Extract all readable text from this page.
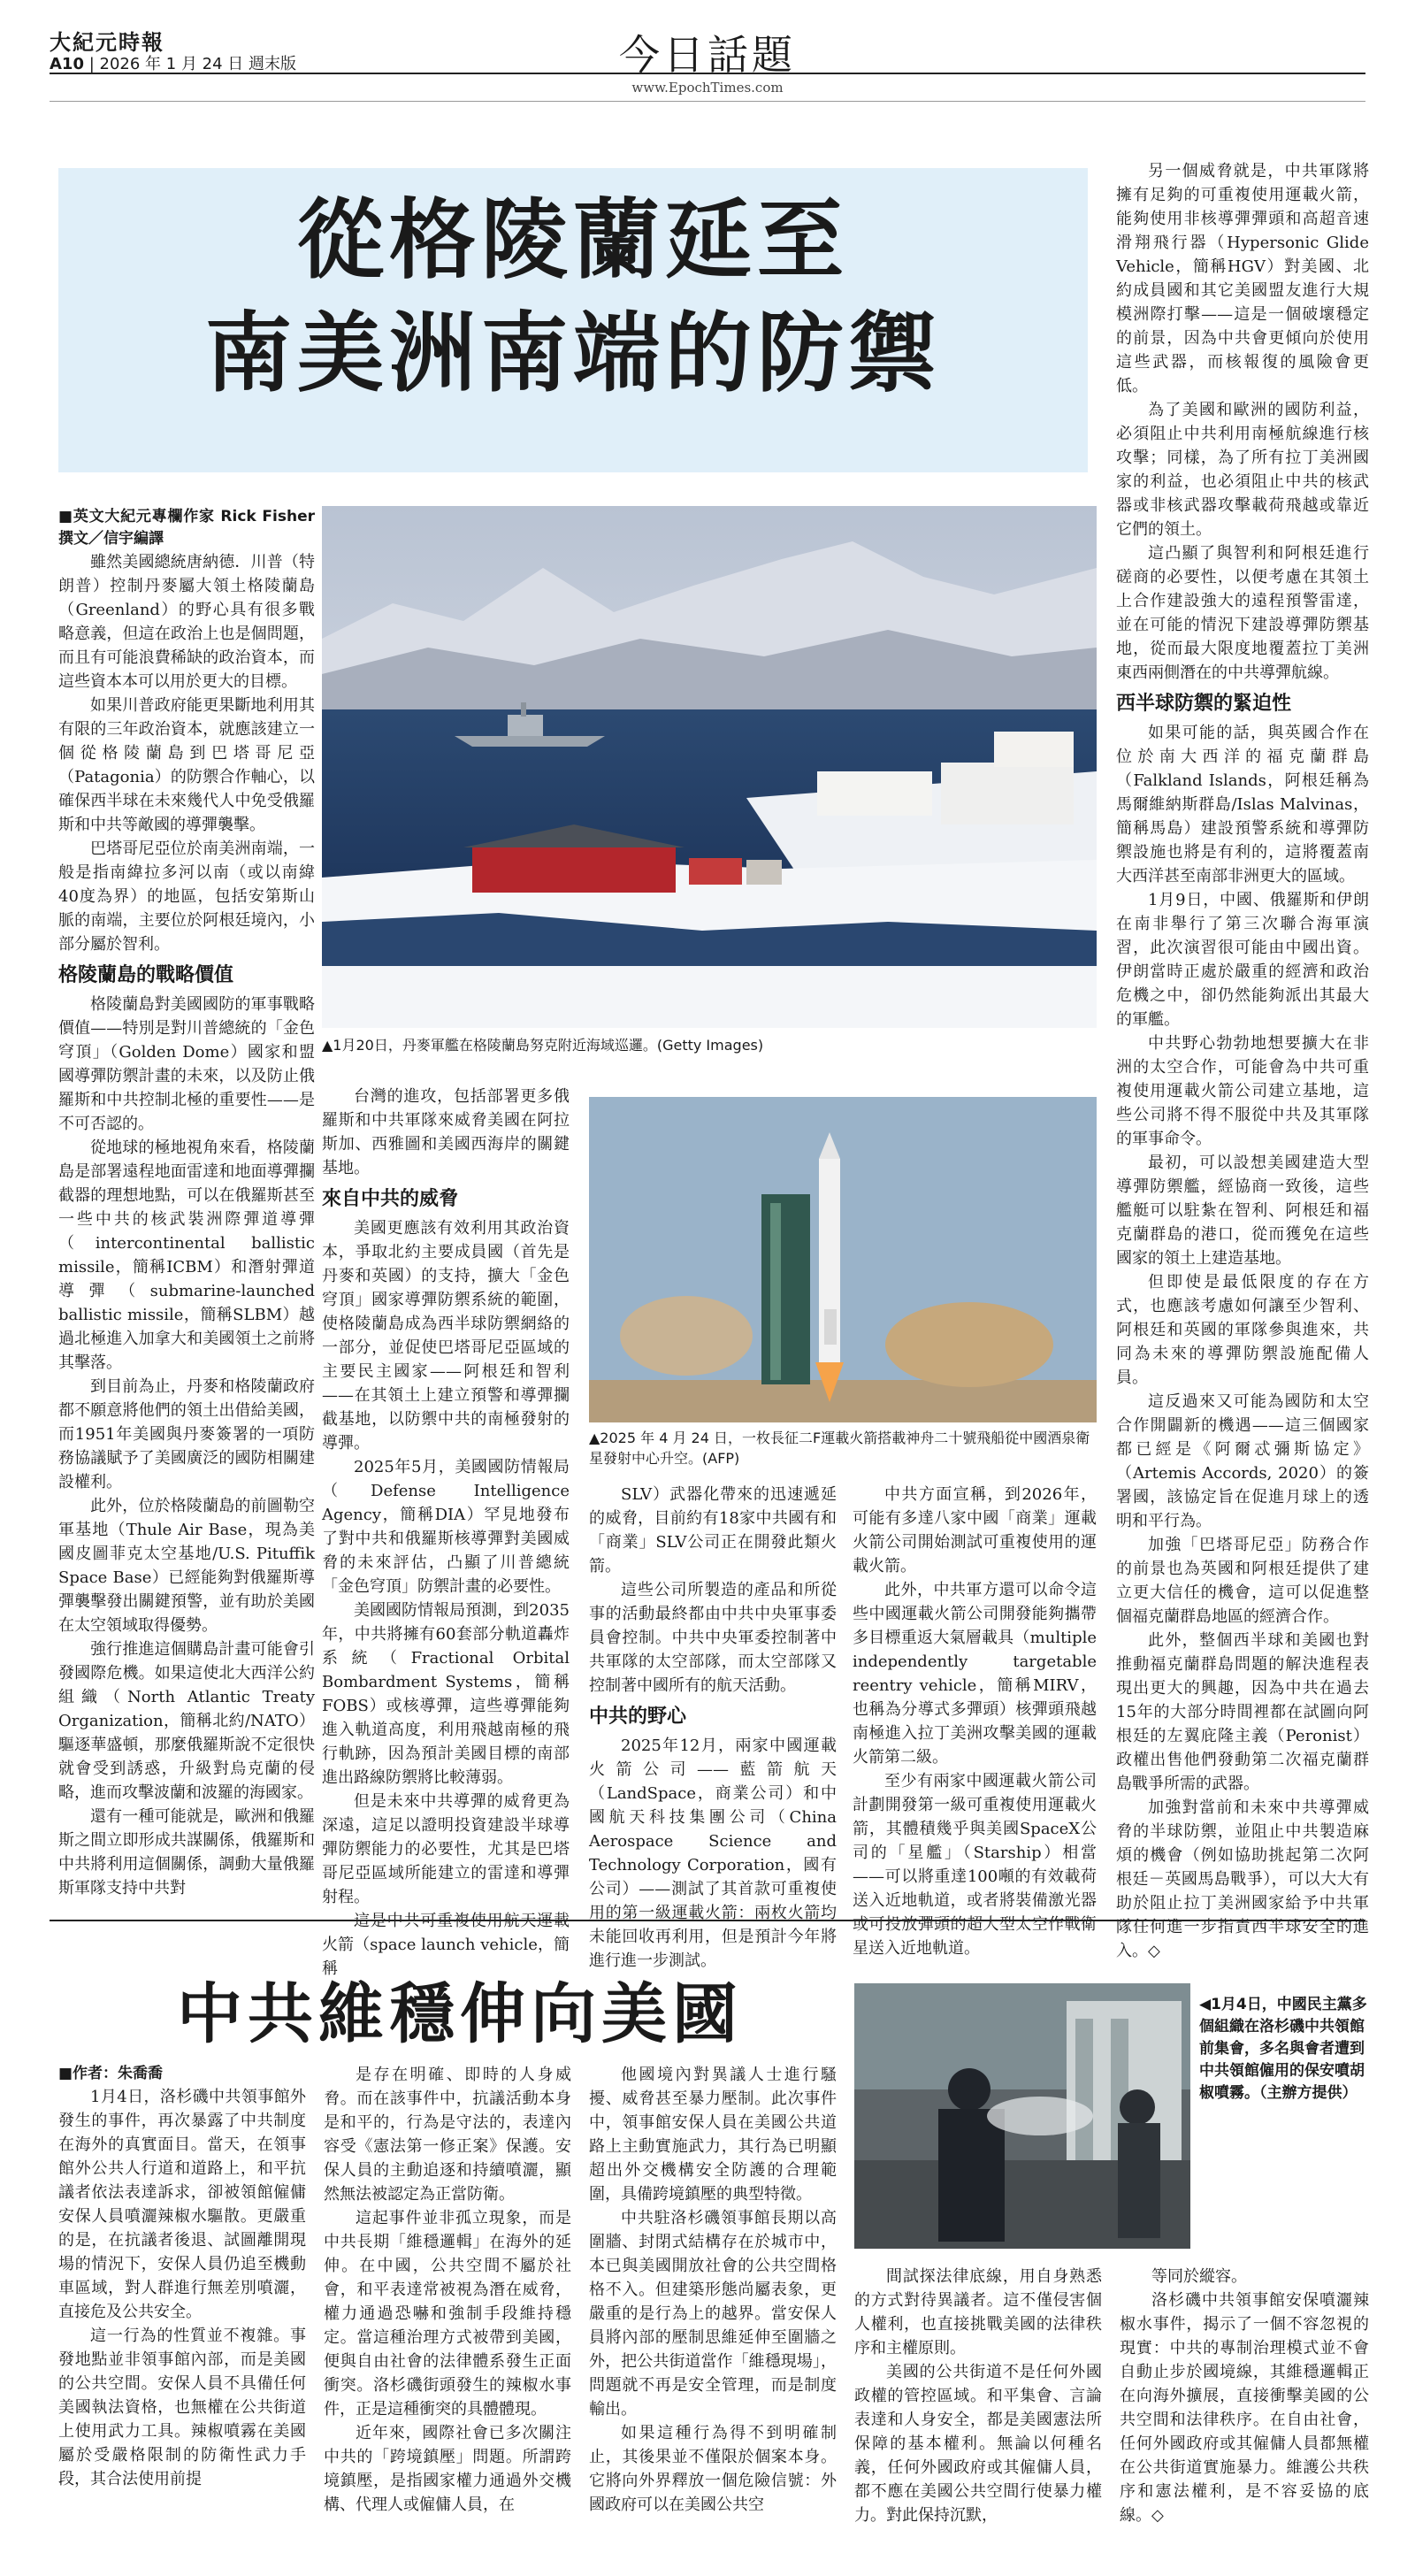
大紀元時報
A10 | 2026 年 1 月 24 日 週末版	今日話題
www.EpochTimes.com
從格陵蘭延至
南美洲南端的防禦
■英文大紀元專欄作家 Rick Fisher撰文／信宇編譯

雖然美國總統唐納德．川普（特朗普）控制丹麥屬大領土格陵蘭島（Greenland）的野心具有很多戰略意義，但這在政治上也是個問題，而且有可能浪費稀缺的政治資本，而這些資本本可以用於更大的目標。

如果川普政府能更果斷地利用其有限的三年政治資本，就應該建立一個從格陵蘭島到巴塔哥尼亞（Patagonia）的防禦合作軸心，以確保西半球在未來幾代人中免受俄羅斯和中共等敵國的導彈襲擊。

巴塔哥尼亞位於南美洲南端，一般是指南緯拉多河以南（或以南緯40度為界）的地區，包括安第斯山脈的南端，主要位於阿根廷境內，小部分屬於智利。

格陵蘭島的戰略價值

格陵蘭島對美國國防的軍事戰略價值——特別是對川普總統的「金色穹頂」（Golden Dome）國家和盟國導彈防禦計畫的未來，以及防止俄羅斯和中共控制北極的重要性——是不可否認的。

從地球的極地視角來看，格陵蘭島是部署遠程地面雷達和地面導彈攔截器的理想地點，可以在俄羅斯甚至一些中共的核武裝洲際彈道導彈（intercontinental ballistic missile，簡稱ICBM）和潛射彈道導彈（submarine-launched ballistic missile，簡稱SLBM）越過北極進入加拿大和美國領土之前將其擊落。

到目前為止，丹麥和格陵蘭政府都不願意將他們的領土出借給美國，而1951年美國與丹麥簽署的一項防務協議賦予了美國廣泛的國防相關建設權利。

此外，位於格陵蘭島的前圖勒空軍基地（Thule Air Base，現為美國皮圖菲克太空基地/U.S. Pituffik Space Base）已經能夠對俄羅斯導彈襲擊發出關鍵預警，並有助於美國在太空領域取得優勢。

強行推進這個購島計畫可能會引發國際危機。如果這使北大西洋公約組織（North Atlantic Treaty Organization，簡稱北約/NATO）驅逐華盛頓，那麼俄羅斯說不定很快就會受到誘惑，升級對烏克蘭的侵略，進而攻擊波蘭和波羅的海國家。

還有一種可能就是，歐洲和俄羅斯之間立即形成共謀關係，俄羅斯和中共將利用這個關係，調動大量俄羅斯軍隊支持中共對

▲1月20日，丹麥軍艦在格陵蘭島努克附近海域巡邏。(Getty Images)

台灣的進攻，包括部署更多俄羅斯和中共軍隊來威脅美國在阿拉斯加、西雅圖和美國西海岸的關鍵基地。

來自中共的威脅

美國更應該有效利用其政治資本，爭取北約主要成員國（首先是丹麥和英國）的支持，擴大「金色穹頂」國家導彈防禦系統的範圍，使格陵蘭島成為西半球防禦網絡的一部分，並促使巴塔哥尼亞區域的主要民主國家——阿根廷和智利——在其領土上建立預警和導彈攔截基地，以防禦中共的南極發射的導彈。

2025年5月，美國國防情報局（Defense Intelligence Agency，簡稱DIA）罕見地發布了對中共和俄羅斯核導彈對美國威脅的未來評估，凸顯了川普總統「金色穹頂」防禦計畫的必要性。

美國國防情報局預測，到2035年，中共將擁有60套部分軌道轟炸系統（Fractional Orbital Bombardment Systems，簡稱FOBS）或核導彈，這些導彈能夠進入軌道高度，利用飛越南極的飛行軌跡，因為預計美國目標的南部進出路線防禦將比較薄弱。

但是未來中共導彈的威脅更為深遠，這足以證明投資建設半球導彈防禦能力的必要性，尤其是巴塔哥尼亞區域所能建立的雷達和導彈射程。

這是中共可重複使用航天運載火箭（space launch vehicle，簡稱

▲2025 年 4 月 24 日，一枚長征二F運載火箭搭載神舟二十號飛船從中國酒泉衛星發射中心升空。(AFP)

SLV）武器化帶來的迅速遞延的威脅，目前約有18家中共國有和「商業」SLV公司正在開發此類火箭。

這些公司所製造的產品和所從事的活動最終都由中共中央軍事委員會控制。中共中央軍委控制著中共軍隊的太空部隊，而太空部隊又控制著中國所有的航天活動。

中共的野心

2025年12月，兩家中國運載火箭公司——藍箭航天（LandSpace，商業公司）和中國航天科技集團公司（China Aerospace Science and Technology Corporation，國有公司）——測試了其首款可重複使用的第一級運載火箭：兩枚火箭均未能回收再利用，但是預計今年將進行進一步測試。

中共方面宣稱，到2026年，可能有多達八家中國「商業」運載火箭公司開始測試可重複使用的運載火箭。

此外，中共軍方還可以命令這些中國運載火箭公司開發能夠攜帶多目標重返大氣層載具（multiple independently targetable reentry vehicle，簡稱MIRV，也稱為分導式多彈頭）核彈頭飛越南極進入拉丁美洲攻擊美國的運載火箭第二級。

至少有兩家中國運載火箭公司計劃開發第一級可重複使用運載火箭，其體積幾乎與美國SpaceX公司的「星艦」（Starship）相當——可以將重達100噸的有效載荷送入近地軌道，或者將裝備激光器或可投放彈頭的超大型太空作戰衛星送入近地軌道。

另一個威脅就是，中共軍隊將擁有足夠的可重複使用運載火箭，能夠使用非核導彈彈頭和高超音速滑翔飛行器（Hypersonic Glide Vehicle，簡稱HGV）對美國、北約成員國和其它美國盟友進行大規模洲際打擊——這是一個破壞穩定的前景，因為中共會更傾向於使用這些武器，而核報復的風險會更低。

為了美國和歐洲的國防利益，必須阻止中共利用南極航線進行核攻擊；同樣，為了所有拉丁美洲國家的利益，也必須阻止中共的核武器或非核武器攻擊載荷飛越或靠近它們的領土。

這凸顯了與智利和阿根廷進行磋商的必要性，以便考慮在其領土上合作建設強大的遠程預警雷達，並在可能的情況下建設導彈防禦基地，從而最大限度地覆蓋拉丁美洲東西兩側潛在的中共導彈航線。

西半球防禦的緊迫性

如果可能的話，與英國合作在位於南大西洋的福克蘭群島（Falkland Islands，阿根廷稱為馬爾維納斯群島/Islas Malvinas，簡稱馬島）建設預警系統和導彈防禦設施也將是有利的，這將覆蓋南大西洋甚至南部非洲更大的區域。

1月9日，中國、俄羅斯和伊朗在南非舉行了第三次聯合海軍演習，此次演習很可能由中國出資。伊朗當時正處於嚴重的經濟和政治危機之中，卻仍然能夠派出其最大的軍艦。

中共野心勃勃地想要擴大在非洲的太空合作，可能會為中共可重複使用運載火箭公司建立基地，這些公司將不得不服從中共及其軍隊的軍事命令。

最初，可以設想美國建造大型導彈防禦艦，經協商一致後，這些艦艇可以駐紮在智利、阿根廷和福克蘭群島的港口，從而獲免在這些國家的領土上建造基地。

但即使是最低限度的存在方式，也應該考慮如何讓至少智利、阿根廷和英國的軍隊參與進來，共同為未來的導彈防禦設施配備人員。

這反過來又可能為國防和太空合作開闢新的機遇——這三個國家都已經是《阿爾忒彌斯協定》（Artemis Accords, 2020）的簽署國，該協定旨在促進月球上的透明和平行為。

加強「巴塔哥尼亞」防務合作的前景也為英國和阿根廷提供了建立更大信任的機會，這可以促進整個福克蘭群島地區的經濟合作。

此外，整個西半球和美國也對推動福克蘭群島問題的解決進程表現出更大的興趣，因為中共在過去15年的大部分時間裡都在試圖向阿根廷的左翼庇隆主義（Peronist）政權出售他們發動第二次福克蘭群島戰爭所需的武器。

加強對當前和未來中共導彈威脅的半球防禦，並阻止中共製造麻煩的機會（例如協助挑起第二次阿根廷－英國馬島戰爭），可以大大有助於阻止拉丁美洲國家給予中共軍隊任何進一步指責西半球安全的進入。◇

中共維穩伸向美國
■作者：朱喬喬

1月4日，洛杉磯中共領事館外發生的事件，再次暴露了中共制度在海外的真實面目。當天，在領事館外公共人行道和道路上，和平抗議者依法表達訴求，卻被領館僱傭安保人員噴灑辣椒水驅散。更嚴重的是，在抗議者後退、試圖離開現場的情況下，安保人員仍追至機動車區域，對人群進行無差別噴灑，直接危及公共安全。

這一行為的性質並不複雜。事發地點並非領事館內部，而是美國的公共空間。安保人員不具備任何美國執法資格，也無權在公共街道上使用武力工具。辣椒噴霧在美國屬於受嚴格限制的防衛性武力手段，其合法使用前提

是存在明確、即時的人身威脅。而在該事件中，抗議活動本身是和平的，行為是守法的，表達內容受《憲法第一修正案》保護。安保人員的主動追逐和持續噴灑，顯然無法被認定為正當防衛。

這起事件並非孤立現象，而是中共長期「維穩邏輯」在海外的延伸。在中國，公共空間不屬於社會，和平表達常被視為潛在威脅，權力通過恐嚇和強制手段維持穩定。當這種治理方式被帶到美國，便與自由社會的法律體系發生正面衝突。洛杉磯街頭發生的辣椒水事件，正是這種衝突的具體體現。

近年來，國際社會已多次關注中共的「跨境鎮壓」問題。所謂跨境鎮壓，是指國家權力通過外交機構、代理人或僱傭人員，在

他國境內對異議人士進行騷擾、威脅甚至暴力壓制。此次事件中，領事館安保人員在美國公共道路上主動實施武力，其行為已明顯超出外交機構安全防護的合理範圍，具備跨境鎮壓的典型特徵。

中共駐洛杉磯領事館長期以高圍牆、封閉式結構存在於城市中，本已與美國開放社會的公共空間格格不入。但建築形態尚屬表象，更嚴重的是行為上的越界。當安保人員將內部的壓制思維延伸至圍牆之外，把公共街道當作「維穩現場」，問題就不再是安全管理，而是制度輸出。

如果這種行為得不到明確制止，其後果並不僅限於個案本身。它將向外界釋放一個危險信號：外國政府可以在美國公共空

◀1月4日，中國民主黨多個組織在洛杉磯中共領館前集會，多名與會者遭到中共領館僱用的保安噴胡椒噴霧。（主辦方提供）

間試探法律底線，用自身熟悉的方式對待異議者。這不僅侵害個人權利，也直接挑戰美國的法律秩序和主權原則。

美國的公共街道不是任何外國政權的管控區域。和平集會、言論表達和人身安全，都是美國憲法所保障的基本權利。無論以何種名義，任何外國政府或其僱傭人員，都不應在美國公共空間行使暴力權力。對此保持沉默，

等同於縱容。

洛杉磯中共領事館安保噴灑辣椒水事件，揭示了一個不容忽視的現實：中共的專制治理模式並不會自動止步於國境線，其維穩邏輯正在向海外擴展，直接衝擊美國的公共空間和法律秩序。在自由社會，任何外國政府或其僱傭人員都無權在公共街道實施暴力。維護公共秩序和憲法權利，是不容妥協的底線。◇
